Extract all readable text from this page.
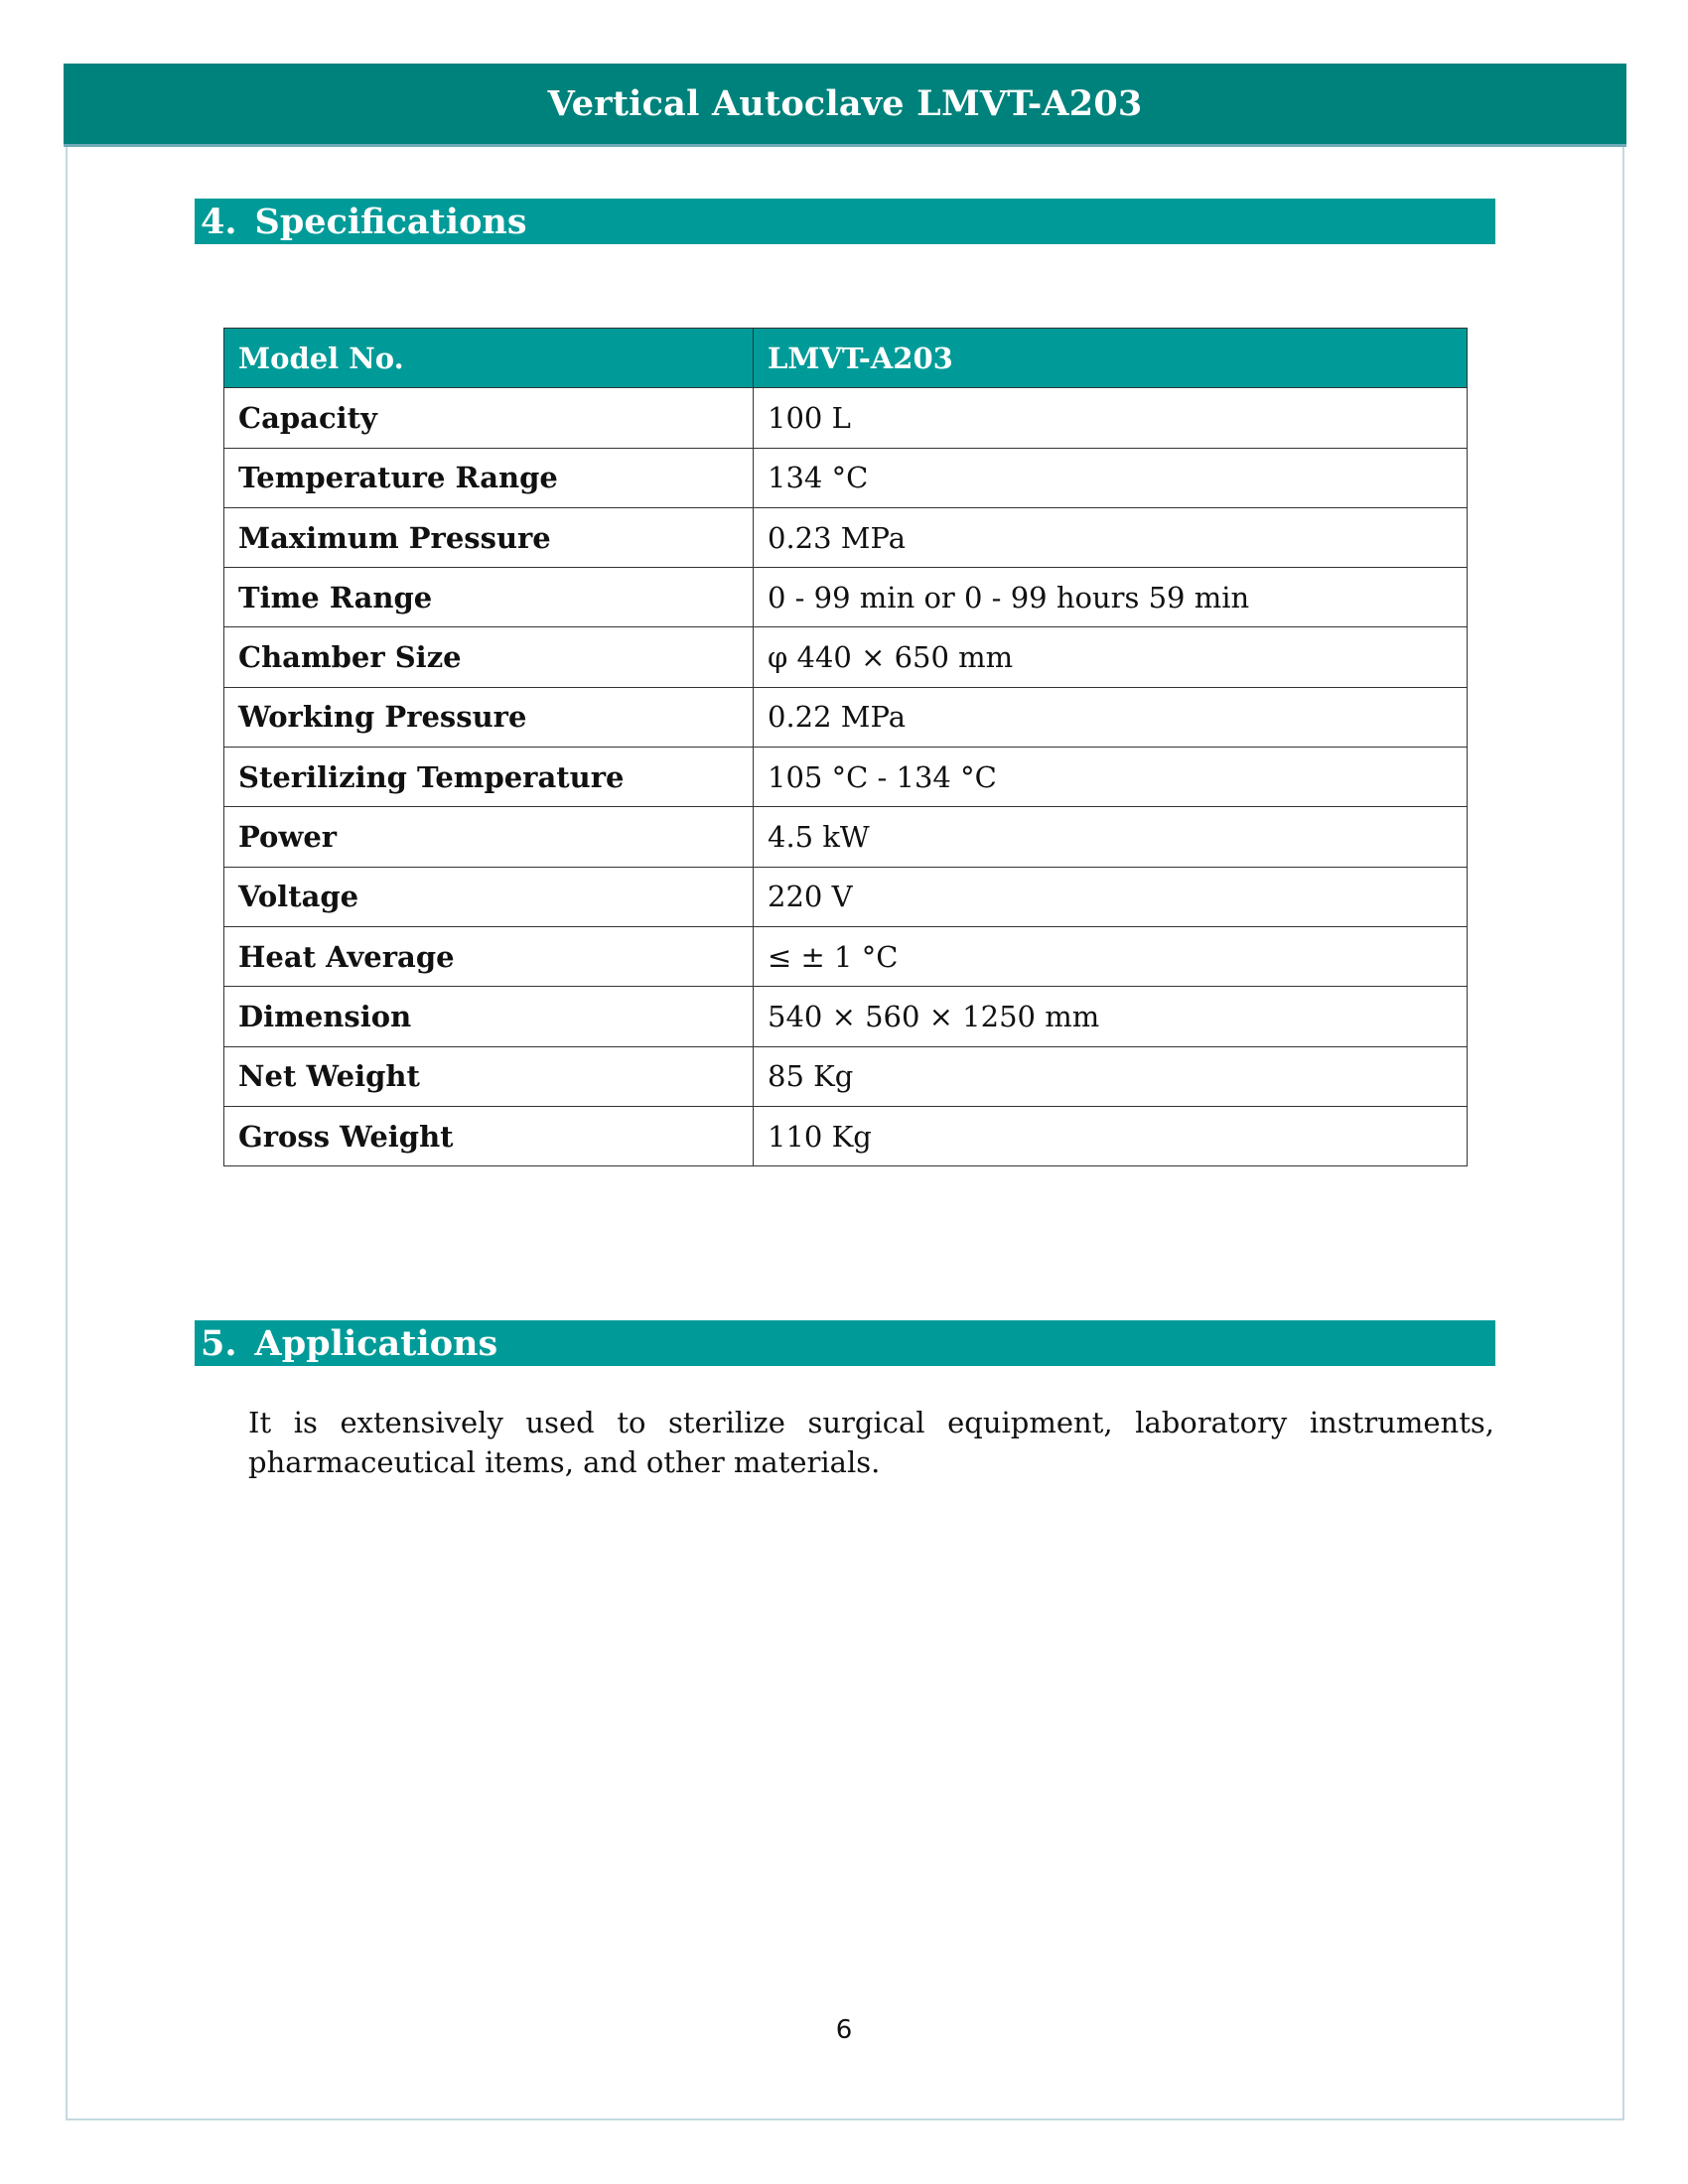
Vertical Autoclave LMVT-A203
4. Specifications
Model No.	LMVT-A203
Capacity	100 L
Temperature Range	134 °C
Maximum Pressure	0.23 MPa
Time Range	0 - 99 min or 0 - 99 hours 59 min
Chamber Size	φ 440 × 650 mm
Working Pressure	0.22 MPa
Sterilizing Temperature	105 °C - 134 °C
Power	4.5 kW
Voltage	220 V
Heat Average	≤ ± 1 °C
Dimension	540 × 560 × 1250 mm
Net Weight	85 Kg
Gross Weight	110 Kg
5. Applications

It is extensively used to sterilize surgical equipment, laboratory instruments, pharmaceutical items, and other materials.

6
